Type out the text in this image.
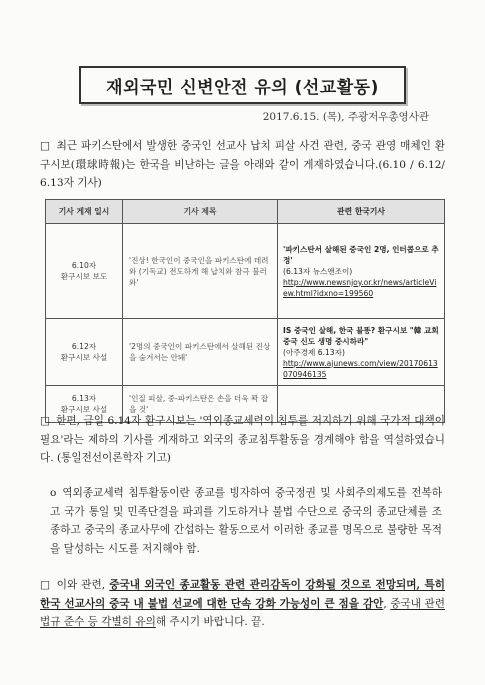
재외국민 신변안전 유의 (선교활동)
2017.6.15. (목), 주광저우총영사관
□ 최근 파키스탄에서 발생한 중국인 선교사 납치 피살 사건 관련, 중국 관영 매체인 환구시보(環球時報)는 한국을 비난하는 글을 아래와 같이 게재하였습니다.(6.10 / 6.12/ 6.13자 기사)
기사 게재 일시	기사 제목	관련 한국기사
6.10자
환구시보 보도	'진상! 한국인이 중국인을 파키스탄에 데려와 (기독교) 전도하게 해 납치와 참극 불러와'	'파키스탄서 살해된 중국인 2명, 인터콥으로 추정'
(6.13자 뉴스앤조이)
http://www.newsnjoy.or.kr/news/articleView.html?idxno=199560

6.12자
환구시보 사설	'2명의 중국인이 파키스탄에서 살해된 진상을 숨겨서는 안돼'	IS 중국인 살해, 한국 불똥? 환구시보 "韓 교회 중국 신도 생명 중시하라"
(아주경제 6.13자)
http://www.ajunews.com/view/20170613070946135

6.13자
환구시보 사설	'인질 피살, 중-파키스탄은 손을 더욱 꽉 잡을 것'	
□ 한편, 금일 6.14자 환구시보는 '역외종교세력의 침투를 저지하기 위해 국가적 대책이 필요'라는 제하의 기사를 게재하고 외국의 종교침투활동을 경계해야 함을 역설하였습니다. (통일전선이론학자 기고)
o 역외종교세력 침투활동이란 종교를 빙자하여 중국정권 및 사회주의제도를 전복하고 국가 통일 및 민족단결을 파괴를 기도하거나 불법 수단으로 중국의 종교단체를 조종하고 중국의 종교사무에 간섭하는 활동으로서 이러한 종교를 명목으로 불량한 목적을 달성하는 시도를 저지해야 함.
□ 이와 관련, 중국내 외국인 종교활동 관련 관리감독이 강화될 것으로 전망되며, 특히 한국 선교사의 중국 내 불법 선교에 대한 단속 강화 가능성이 큰 점을 감안, 중국내 관련 법규 준수 등 각별히 유의해 주시기 바랍니다. 끝.
